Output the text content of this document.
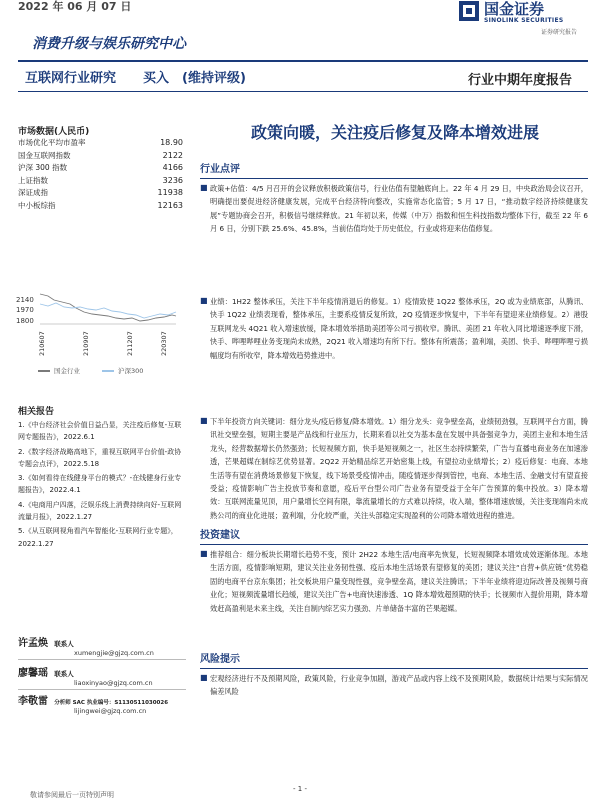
2022 年 06 月 07 日	国金证券
SINOLINK SECURITIES
证券研究报告
消费升级与娱乐研究中心
互联网行业研究 买入　(维持评级)	行业中期年度报告
市场数据(人民币)
市场优化平均市盈率	18.90
国金互联网指数	2122
沪深 300 指数	4166
上证指数	3236
深证成指	11938
中小板综指	12163
2140
1970
1800
210607	210907	211207	220307
国金行业	沪深300
相关报告
1.《中台经济社会价值日益凸显，关注疫后修复-互联网专题报告》，2022.6.1
2.《数字经济战略高地下，重视互联网平台价值-政协专题会点评》，2022.5.18
3.《如何看待在线健身平台的模式？-在线健身行业专题报告》，2022.4.1
4.《电商用户四落，泛娱乐线上消费持续向好-互联网流量月报》，2022.1.27
5.《从互联网视角看汽车智能化-互联网行业专题》，2022.1.27
许孟焕 联系人
xumengjie@gjzq.com.cn
廖馨瑶 联系人
liaoxinyao@gjzq.com.cn
李敬雷 分析师 SAC 执业编号：S1130511030026
lijingwei@gjzq.com.cn
政策向暖，关注疫后修复及降本增效进展
行业点评
■ 政策+估值：4/5 月召开的会议释放积极政策信号，行业估值有望触底向上。22 年 4 月 29 日，中央政治局会议召开，明确提出要促进经济健康发展，完成平台经济特向整改，实施常态化监管；5 月 17 日，“推动数字经济持续健康发展”专题协商会召开，积极信号继续释放。21 年初以来，传媒（中万）指数和恒生科技指数均整体下行，截至 22 年 6 月 6 日，分别下跌 25.6%、45.8%，当前估值均处于历史低位，行业或将迎来估值修复。
■ 业绩：1H22 整体承压，关注下半年疫情消退后的修复。1）疫情致使 1Q22 整体承压，2Q 或为业绩底部，从腾讯、快手 1Q22 业绩表现看，整体承压，主要系疫情反复所致，2Q 疫情逐步恢复中，下半年有望迎来业绩修复。2）港股互联网龙头 4Q21 收入增速放缓，降本增效举措助美团等公司亏损收窄。腾讯、美团 21 年收入同比增速逐季度下滑，快手、哔哩哔哩业务变现尚未成熟，2Q21 收入增速均有所下行。整体有所震荡；盈利端，美团、快手、哔哩哔哩亏损幅度均有所收窄，降本增效趋势推进中。
■ 下半年投资方向关键词：细分龙头/疫后修复/降本增效。1）细分龙头：竞争壁垒高，业绩韧劲强，互联网平台方面，腾讯社交壁垒强，短期主要是产品线和行业压力，长期来看以社交为基本盘在发展中具备强竞争力，美团主业和本地生活龙头，经营数据增长仍然强劲；长短视频方面，快手是短视频之一，社区生态持续繁荣，广告与直播电商业务在加速渗透，芒果超媒在制综艺优势显著。2Q22 开始精品综艺开始密集上线，有望拉动业绩增长；2）疫后修复：电商、本地生活等有望在消费场景修复下恢复，线下场景受疫情冲击，随疫情逐步得到管控，电商、本地生活、金融支付有望直接受益；疫情影响广告主投放节奏和意愿，疫后平台型公司广告业务有望受益于全年广告预算的集中投放。3）降本增效：互联网流量见顶，用户量增长空间有限，靠流量增长的方式难以持续，收入端，整体增速放缓，关注变现端尚未成熟公司的商业化进展；盈利端，分化较严重，关注头部稳定实现盈利的公司降本增效进程的推进。
投资建议
■ 推荐组合：细分板块长期增长趋势不变，预计 2H22 本地生活/电商率先恢复，长短视频降本增效成效逐渐体现。本地生活方面，疫情影响短期，建议关注业务韧性强、疫后本地生活场景有望修复的美团；建议关注“自营+供应链”优势稳固的电商平台京东集团；社交板块用户量变现性强，竞争壁垒高，建议关注腾讯；下半年业绩将迎边际改善及视频号商业化；短视频流量增长趋缓，建议关注广告+电商快速渗透、1Q 降本增效超预期的快手；长视频市入提价用期，降本增效赶高盈利是未来主线，关注自制内综艺实力强劲、片单储备丰富的芒果超媒。
风险提示
■ 宏观经济进行不及预期风险，政策风险，行业竞争加剧，游戏产品或内容上线不及预期风险，数据统计结果与实际情况偏差风险
- 1 -
敬请参阅最后一页特别声明
